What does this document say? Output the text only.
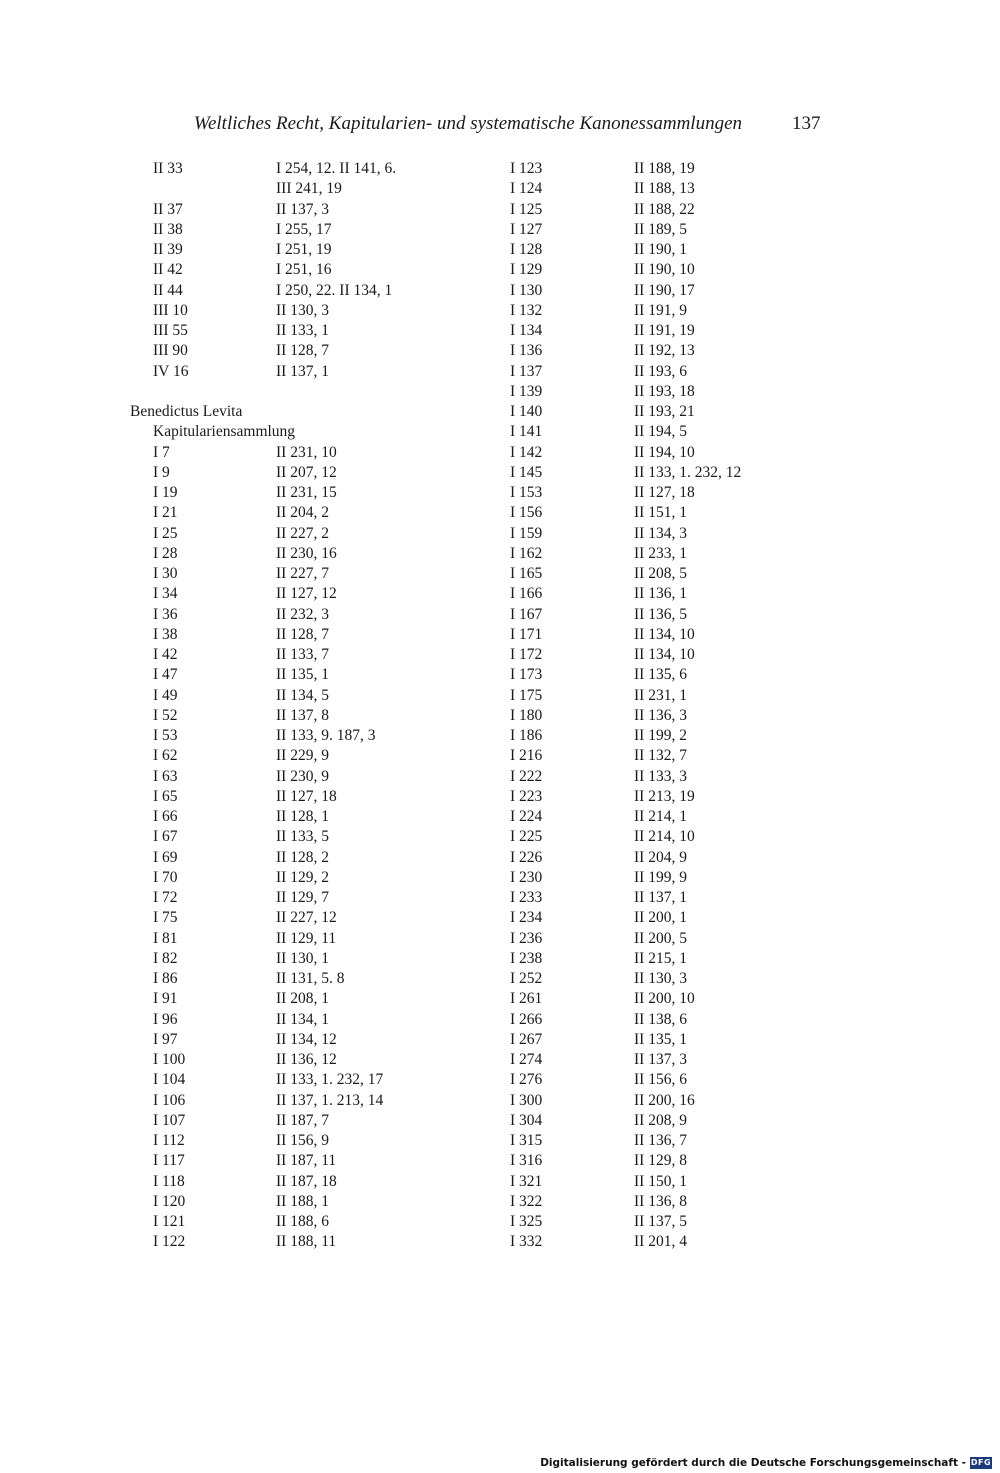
Weltliches Recht, Kapitularien- und systematische Kanonessammlungen	137
II 33	I 254, 12. II 141, 6.
III 241, 19
II 37	II 137, 3
II 38	I 255, 17
II 39	I 251, 19
II 42	I 251, 16
II 44	I 250, 22. II 134, 1
III 10	II 130, 3
III 55	II 133, 1
III 90	II 128, 7
IV 16	II 137, 1
Benedictus Levita
Kapitulariensammlung
I 7	II 231, 10
I 9	II 207, 12
I 19	II 231, 15
I 21	II 204, 2
I 25	II 227, 2
I 28	II 230, 16
I 30	II 227, 7
I 34	II 127, 12
I 36	II 232, 3
I 38	II 128, 7
I 42	II 133, 7
I 47	II 135, 1
I 49	II 134, 5
I 52	II 137, 8
I 53	II 133, 9. 187, 3
I 62	II 229, 9
I 63	II 230, 9
I 65	II 127, 18
I 66	II 128, 1
I 67	II 133, 5
I 69	II 128, 2
I 70	II 129, 2
I 72	II 129, 7
I 75	II 227, 12
I 81	II 129, 11
I 82	II 130, 1
I 86	II 131, 5. 8
I 91	II 208, 1
I 96	II 134, 1
I 97	II 134, 12
I 100	II 136, 12
I 104	II 133, 1. 232, 17
I 106	II 137, 1. 213, 14
I 107	II 187, 7
I 112	II 156, 9
I 117	II 187, 11
I 118	II 187, 18
I 120	II 188, 1
I 121	II 188, 6
I 122	II 188, 11
I 123	II 188, 19
I 124	II 188, 13
I 125	II 188, 22
I 127	II 189, 5
I 128	II 190, 1
I 129	II 190, 10
I 130	II 190, 17
I 132	II 191, 9
I 134	II 191, 19
I 136	II 192, 13
I 137	II 193, 6
I 139	II 193, 18
I 140	II 193, 21
I 141	II 194, 5
I 142	II 194, 10
I 145	II 133, 1. 232, 12
I 153	II 127, 18
I 156	II 151, 1
I 159	II 134, 3
I 162	II 233, 1
I 165	II 208, 5
I 166	II 136, 1
I 167	II 136, 5
I 171	II 134, 10
I 172	II 134, 10
I 173	II 135, 6
I 175	II 231, 1
I 180	II 136, 3
I 186	II 199, 2
I 216	II 132, 7
I 222	II 133, 3
I 223	II 213, 19
I 224	II 214, 1
I 225	II 214, 10
I 226	II 204, 9
I 230	II 199, 9
I 233	II 137, 1
I 234	II 200, 1
I 236	II 200, 5
I 238	II 215, 1
I 252	II 130, 3
I 261	II 200, 10
I 266	II 138, 6
I 267	II 135, 1
I 274	II 137, 3
I 276	II 156, 6
I 300	II 200, 16
I 304	II 208, 9
I 315	II 136, 7
I 316	II 129, 8
I 321	II 150, 1
I 322	II 136, 8
I 325	II 137, 5
I 332	II 201, 4
Digitalisierung gefördert durch die Deutsche Forschungsgemeinschaft - DFG
